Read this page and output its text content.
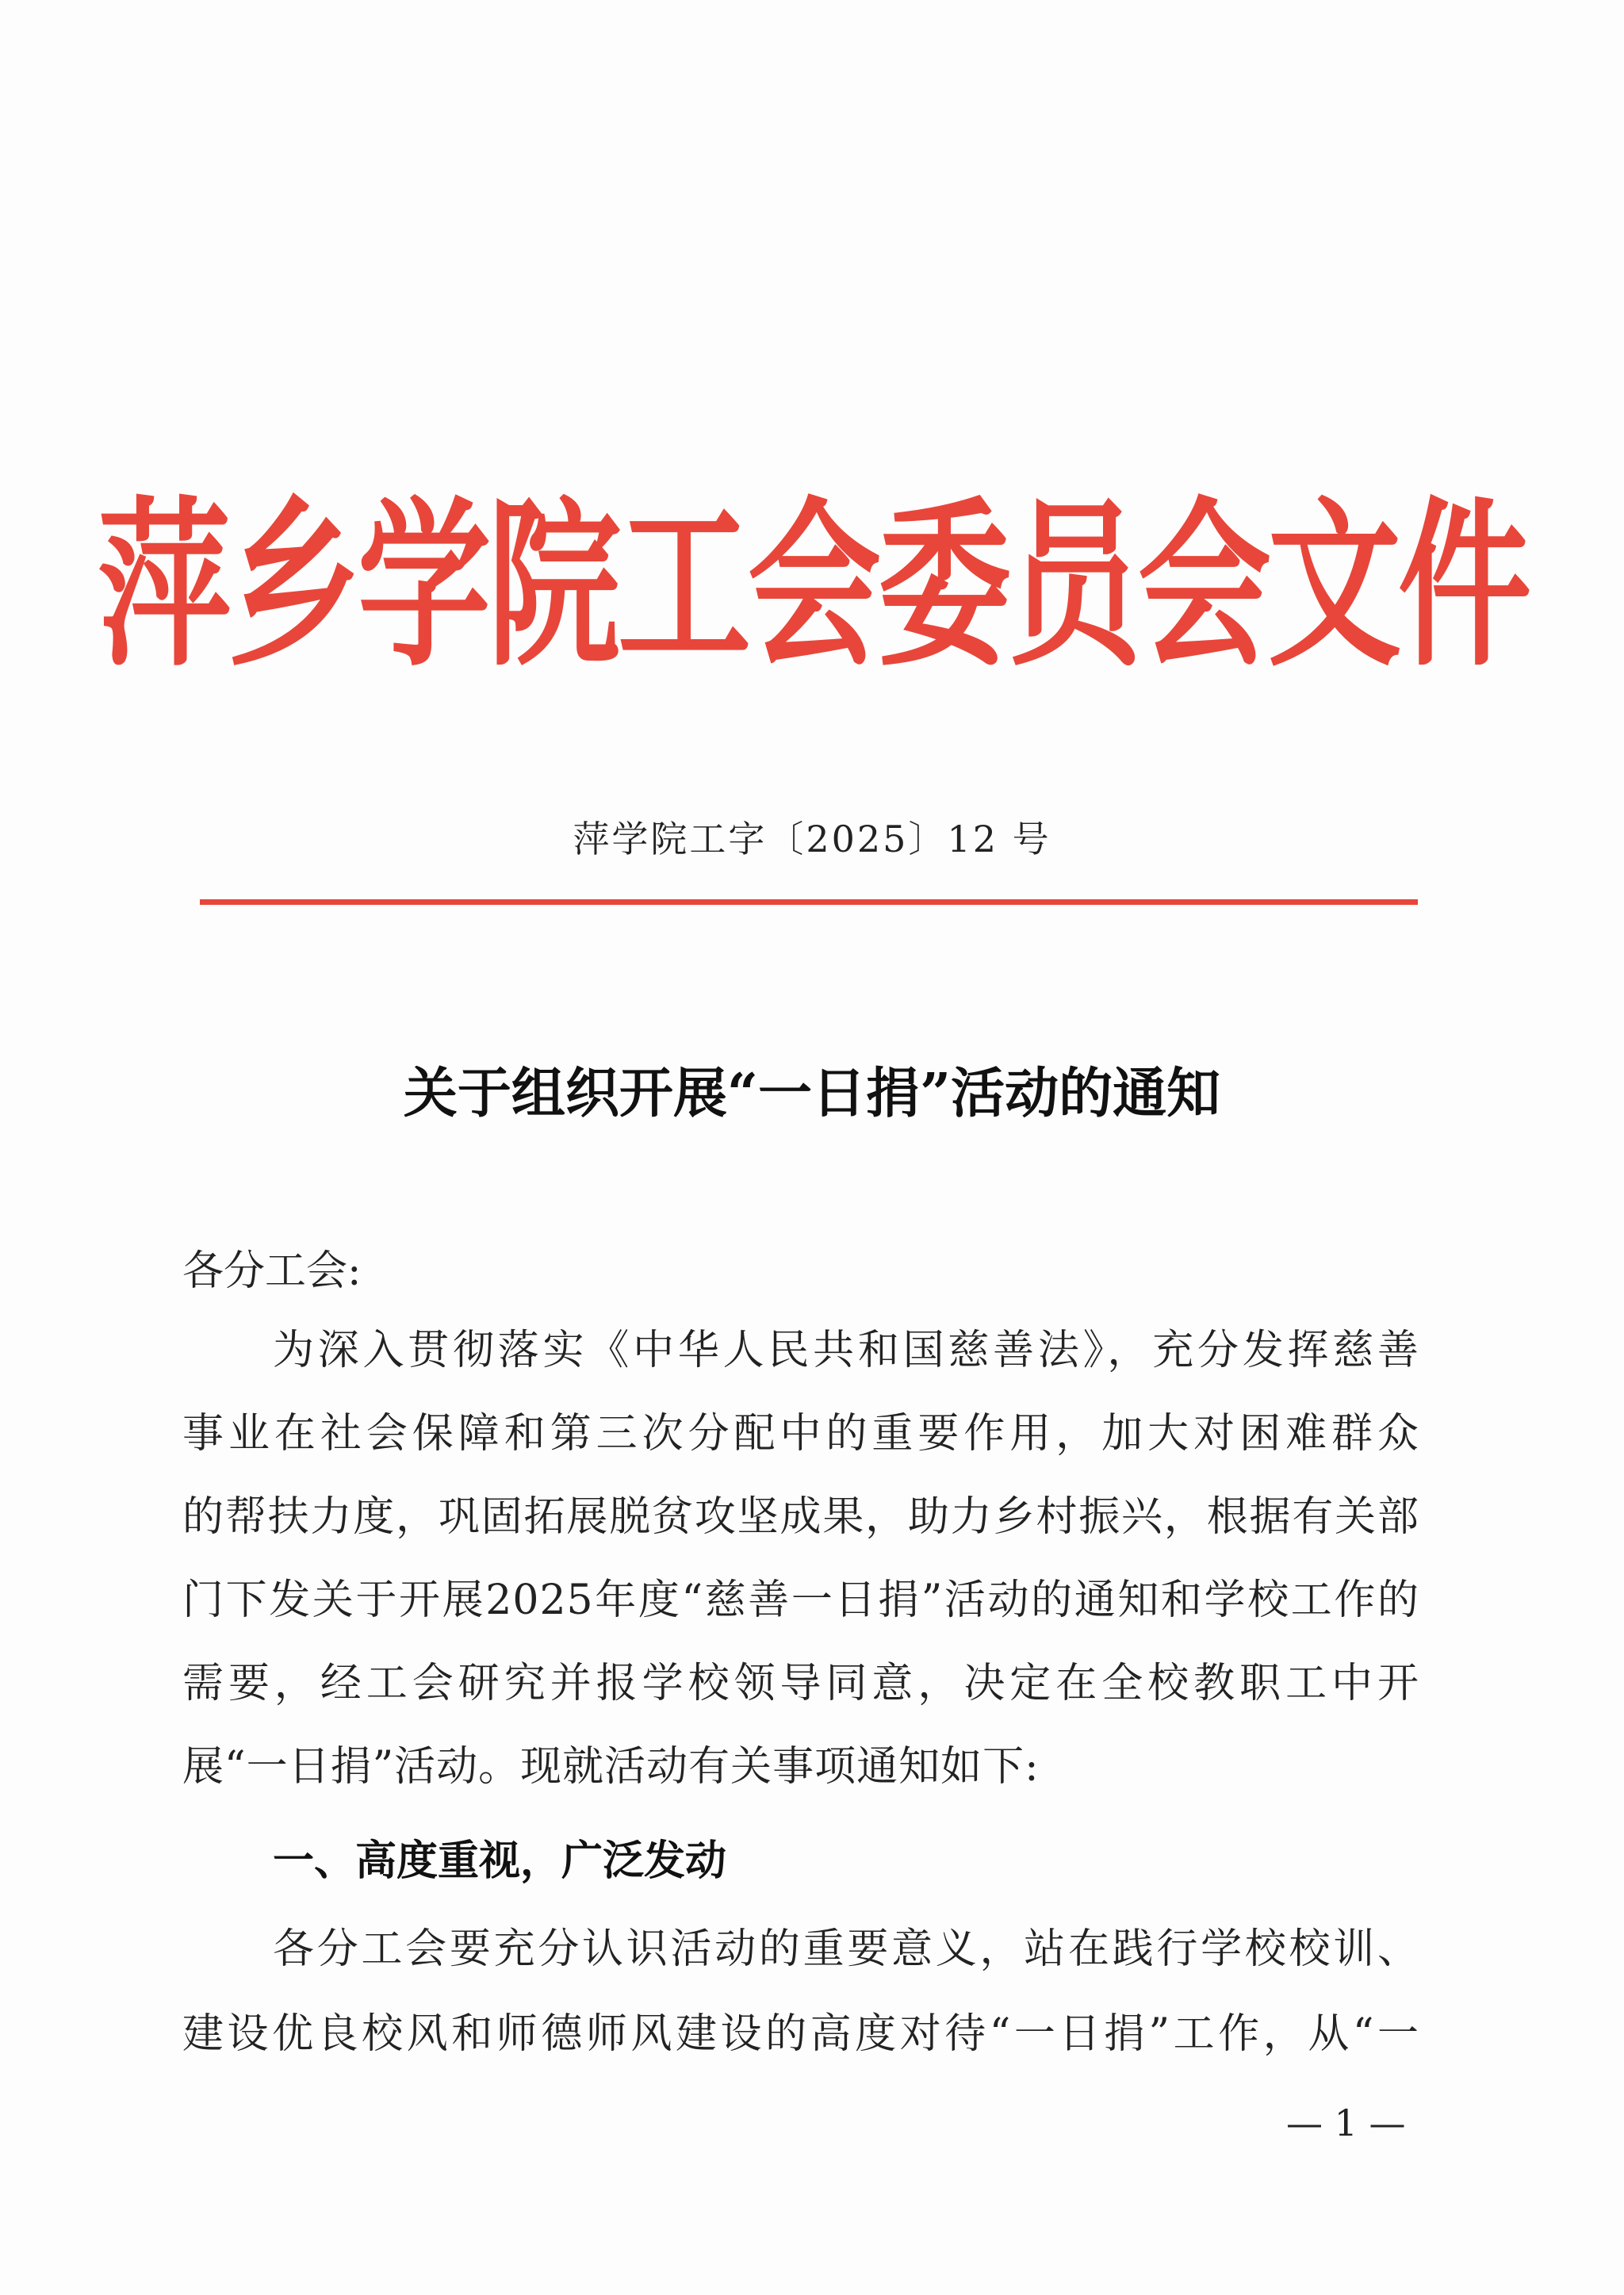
萍乡学院工会委员会文件
萍学院工字〔2025〕12 号
关于组织开展“一日捐”活动的通知
各分工会:
为深入贯彻落实《中华人民共和国慈善法》，充分发挥慈善
事业在社会保障和第三次分配中的重要作用，加大对困难群众
的帮扶力度，巩固拓展脱贫攻坚成果，助力乡村振兴，根据有关部
门下发关于开展2025年度“慈善一日捐”活动的通知和学校工作的
需要，经工会研究并报学校领导同意，决定在全校教职工中开
展“一日捐”活动。现就活动有关事项通知如下:
一、高度重视，广泛发动
各分工会要充分认识活动的重要意义，站在践行学校校训、
建设优良校风和师德师风建设的高度对待“一日捐”工作，从“一
— 1 —
